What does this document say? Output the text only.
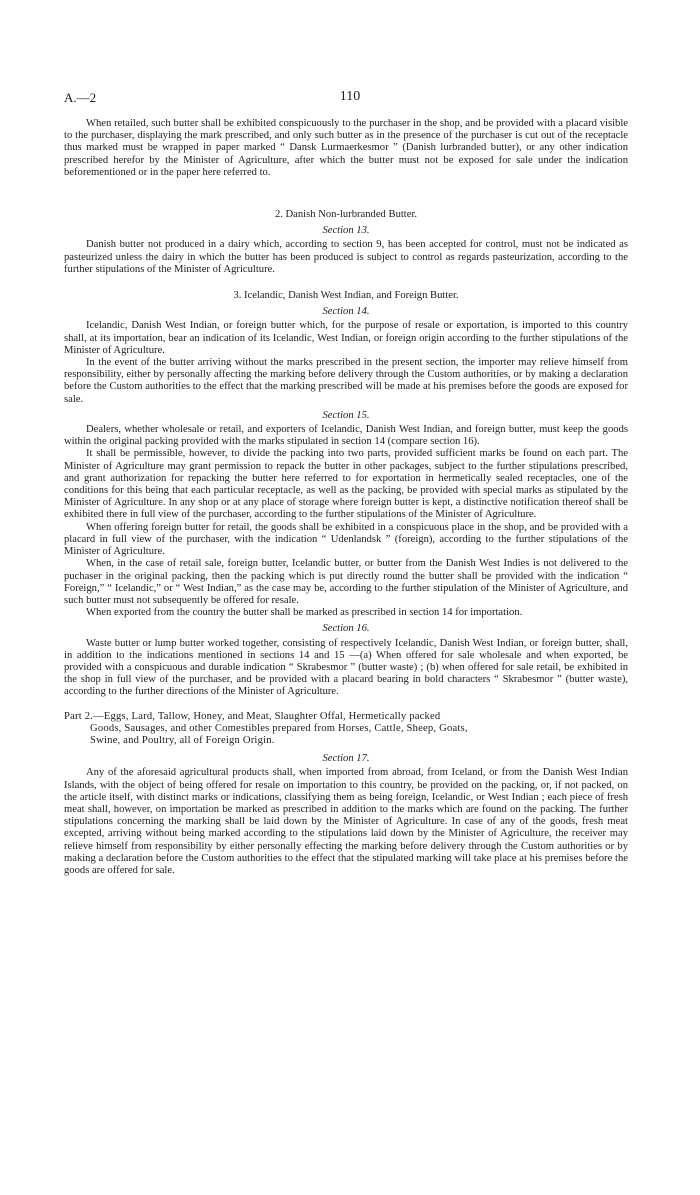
A.—2	110

When retailed, such butter shall be exhibited conspicuously to the purchaser in the shop, and be provided with a placard visible to the purchaser, displaying the mark prescribed, and only such butter as in the presence of the purchaser is cut out of the receptacle thus marked must be wrapped in paper marked “ Dansk Lurmaerkesmor ” (Danish lurbranded butter), or any other indication prescribed herefor by the Minister of Agriculture, after which the butter must not be exposed for sale under the indication beforementioned or in the paper here referred to.

2. Danish Non-lurbranded Butter.

Section 13.

Danish butter not produced in a dairy which, according to section 9, has been accepted for control, must not be indicated as pasteurized unless the dairy in which the butter has been produced is subject to control as regards pasteurization, according to the further stipulations of the Minister of Agriculture.

3. Icelandic, Danish West Indian, and Foreign Butter.

Section 14.

Icelandic, Danish West Indian, or foreign butter which, for the purpose of resale or exportation, is imported to this country shall, at its importation, bear an indication of its Icelandic, West Indian, or foreign origin according to the further stipulations of the Minister of Agriculture.

In the event of the butter arriving without the marks prescribed in the present section, the importer may relieve himself from responsibility, either by personally affecting the marking before delivery through the Custom authorities, or by making a declaration before the Custom authorities to the effect that the marking prescribed will be made at his premises before the goods are exposed for sale.

Section 15.

Dealers, whether wholesale or retail, and exporters of Icelandic, Danish West Indian, and foreign butter, must keep the goods within the original packing provided with the marks stipulated in section 14 (compare section 16).

It shall be permissible, however, to divide the packing into two parts, provided sufficient marks be found on each part. The Minister of Agriculture may grant permission to repack the butter in other packages, subject to the further stipulations prescribed, and grant authorization for repacking the butter here referred to for exportation in hermetically sealed receptacles, one of the conditions for this being that each particular receptacle, as well as the packing, be provided with special marks as stipulated by the Minister of Agriculture. In any shop or at any place of storage where foreign butter is kept, a distinctive notification thereof shall be exhibited there in full view of the purchaser, according to the further stipulations of the Minister of Agriculture.

When offering foreign butter for retail, the goods shall be exhibited in a conspicuous place in the shop, and be provided with a placard in full view of the purchaser, with the indication “ Udenlandsk ” (foreign), according to the further stipulations of the Minister of Agriculture.

When, in the case of retail sale, foreign butter, Icelandic butter, or butter from the Danish West Indies is not delivered to the puchaser in the original packing, then the packing which is put directly round the butter shall be provided with the indication “ Foreign,” “ Icelandic,” or “ West Indian,” as the case may be, according to the further stipulation of the Minister of Agriculture, and such butter must not subsequently be offered for resale.

When exported from the country the butter shall be marked as prescribed in section 14 for importation.

Section 16.

Waste butter or lump butter worked together, consisting of respectively Icelandic, Danish West Indian, or foreign butter, shall, in addition to the indications mentioned in sections 14 and 15 —(a) When offered for sale wholesale and when exported, be provided with a conspicuous and durable indication “ Skrabesmor ” (butter waste) ; (b) when offered for sale retail, be exhibited in the shop in full view of the purchaser, and be provided with a placard bearing in bold characters “ Skrabesmor ” (butter waste), according to the further directions of the Minister of Agriculture.

Part 2.—Eggs, Lard, Tallow, Honey, and Meat, Slaughter Offal, Hermetically packed
Goods, Sausages, and other Comestibles prepared from Horses, Cattle, Sheep, Goats,
Swine, and Poultry, all of Foreign Origin.

Section 17.

Any of the aforesaid agricultural products shall, when imported from abroad, from Iceland, or from the Danish West Indian Islands, with the object of being offered for resale on importation to this country, be provided on the packing, or, if not packed, on the article itself, with distinct marks or indications, classifying them as being foreign, Icelandic, or West Indian ; each piece of fresh meat shall, however, on importation be marked as prescribed in addition to the marks which are found on the packing. The further stipulations concerning the marking shall be laid down by the Minister of Agriculture. In case of any of the goods, fresh meat excepted, arriving without being marked according to the stipulations laid down by the Minister of Agriculture, the receiver may relieve himself from responsibility by either personally effecting the marking before delivery through the Custom authorities or by making a declaration before the Custom authorities to the effect that the stipulated marking will take place at his premises before the goods are offered for sale.
